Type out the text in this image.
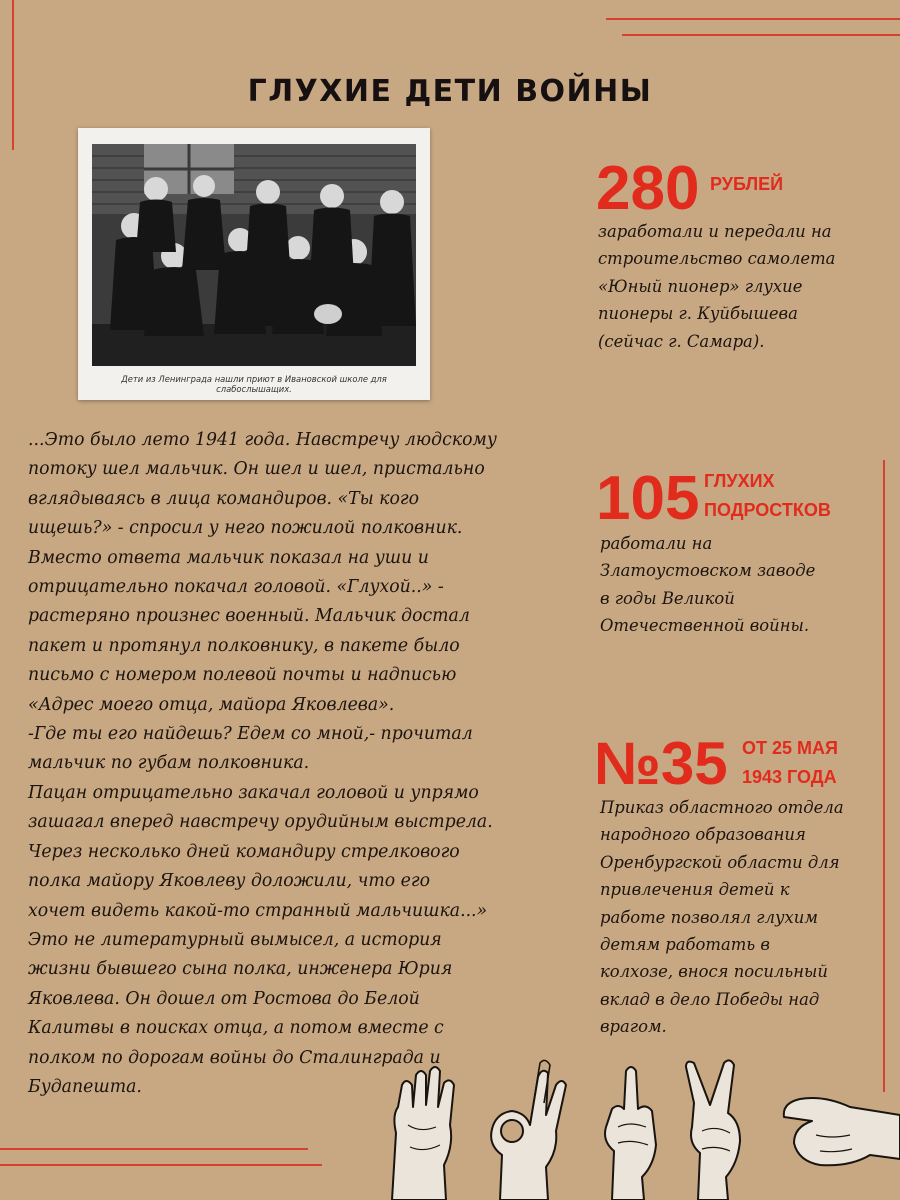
ГЛУХИЕ ДЕТИ ВОЙНЫ

Дети из Ленинграда нашли приют в Ивановской школе для слабослышащих.

...Это было лето 1941 года. Навстречу людскому
потоку шел мальчик. Он шел и шел, пристально
вглядываясь в лица командиров. «Ты кого
ищешь?» - спросил у него пожилой полковник.
Вместо ответа мальчик показал на уши и
отрицательно покачал головой. «Глухой..» -
растеряно произнес военный. Мальчик достал
пакет и протянул полковнику, в пакете было
письмо с номером полевой почты и надписью
«Адрес моего отца, майора Яковлева».
-Где ты его найдешь? Едем со мной,- прочитал
мальчик по губам полковника.
Пацан отрицательно закачал головой и упрямо
зашагал вперед навстречу орудийным выстрела.
Через несколько дней командиру стрелкового
полка майору Яковлеву доложили, что его
хочет видеть какой-то странный мальчишка...»
Это не литературный вымысел, а история
жизни бывшего сына полка, инженера Юрия
Яковлева. Он дошел от Ростова до Белой
Калитвы в поисках отца, а потом вместе с
полком по дорогам войны до Сталинграда и
Будапешта.

280 РУБЛЕЙ

заработали и передали на
строительство самолета
«Юный пионер» глухие
пионеры г. Куйбышева
(сейчас г. Самара).

105 ГЛУХИХ
ПОДРОСТКОВ

работали на
Златоустовском заводе
в годы Великой
Отечественной войны.

№35 ОТ 25 МАЯ
1943 ГОДА

Приказ областного отдела
народного образования
Оренбургской области для
привлечения детей к
работе позволял глухим
детям работать в
колхозе, внося посильный
вклад в дело Победы над
врагом.
